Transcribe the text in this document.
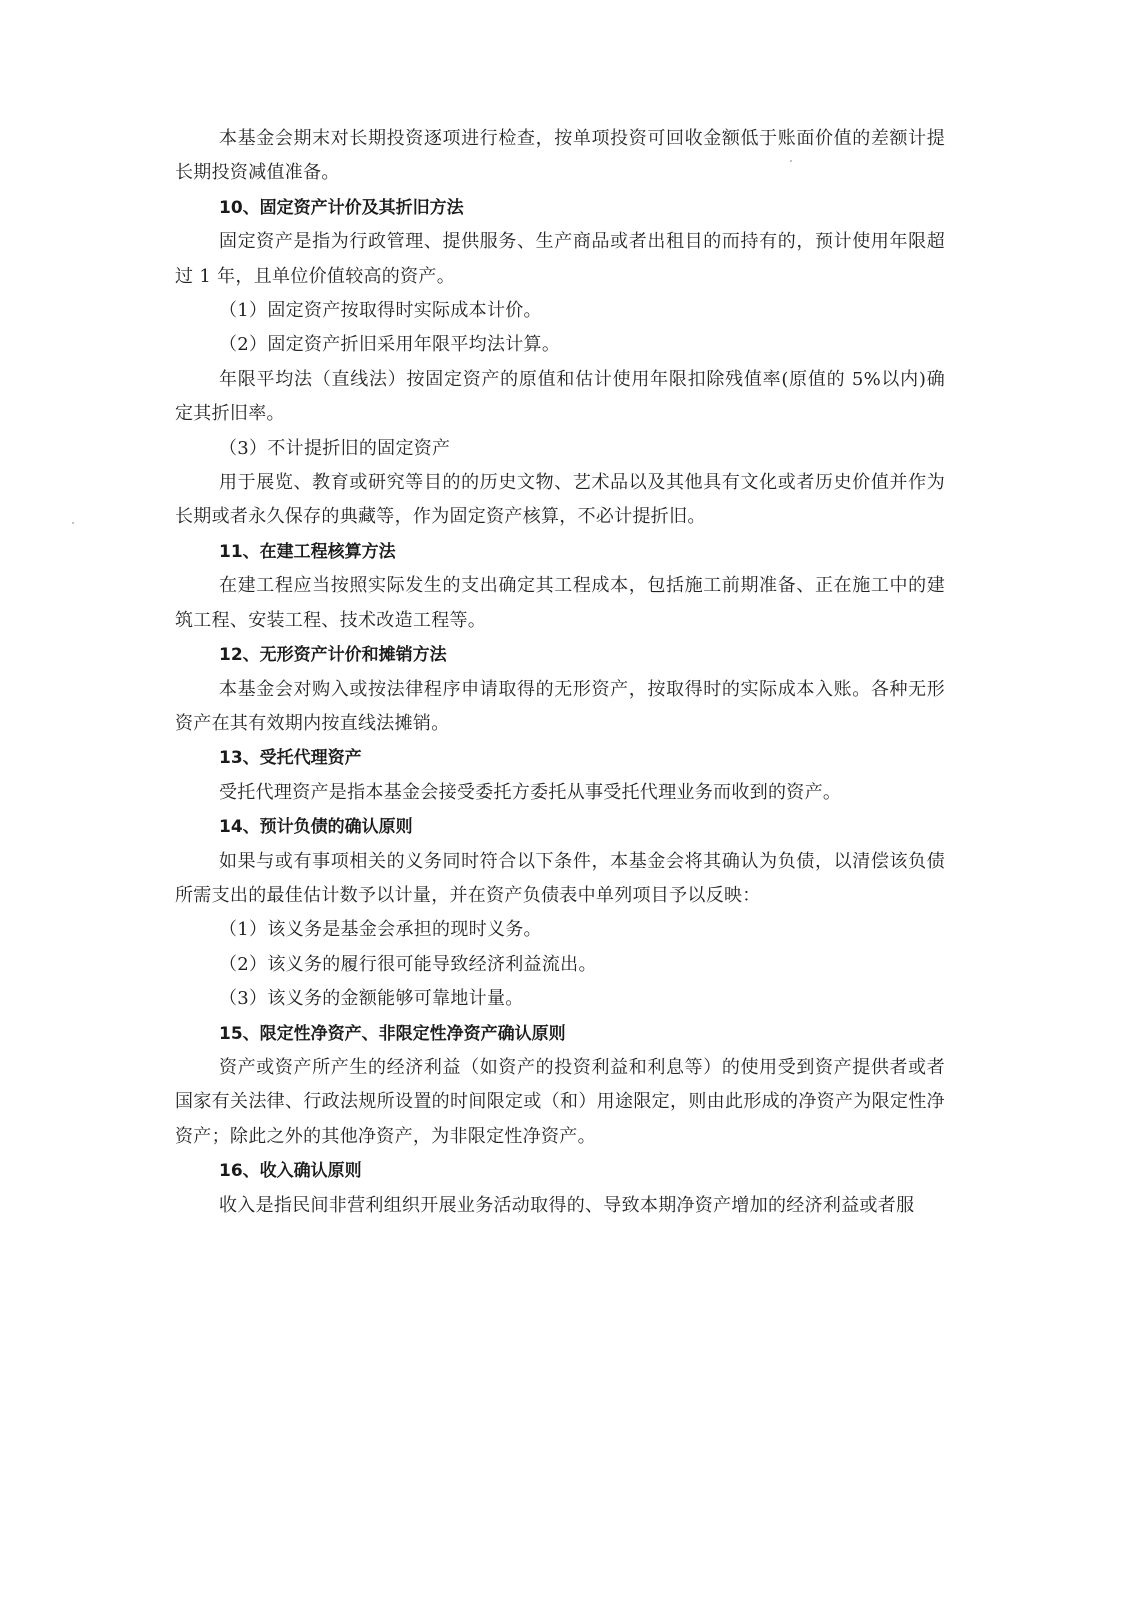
本基金会期末对长期投资逐项进行检查，按单项投资可回收金额低于账面价值的差额计提长期投资减值准备。

10、固定资产计价及其折旧方法

固定资产是指为行政管理、提供服务、生产商品或者出租目的而持有的，预计使用年限超过 1 年，且单位价值较高的资产。

（1）固定资产按取得时实际成本计价。

（2）固定资产折旧采用年限平均法计算。

年限平均法（直线法）按固定资产的原值和估计使用年限扣除残值率(原值的 5%以内)确定其折旧率。

（3）不计提折旧的固定资产

用于展览、教育或研究等目的的历史文物、艺术品以及其他具有文化或者历史价值并作为长期或者永久保存的典藏等，作为固定资产核算，不必计提折旧。

11、在建工程核算方法

在建工程应当按照实际发生的支出确定其工程成本，包括施工前期准备、正在施工中的建筑工程、安装工程、技术改造工程等。

12、无形资产计价和摊销方法

本基金会对购入或按法律程序申请取得的无形资产，按取得时的实际成本入账。各种无形资产在其有效期内按直线法摊销。

13、受托代理资产

受托代理资产是指本基金会接受委托方委托从事受托代理业务而收到的资产。

14、预计负债的确认原则

如果与或有事项相关的义务同时符合以下条件，本基金会将其确认为负债，以清偿该负债所需支出的最佳估计数予以计量，并在资产负债表中单列项目予以反映：

（1）该义务是基金会承担的现时义务。

（2）该义务的履行很可能导致经济利益流出。

（3）该义务的金额能够可靠地计量。

15、限定性净资产、非限定性净资产确认原则

资产或资产所产生的经济利益（如资产的投资利益和利息等）的使用受到资产提供者或者国家有关法律、行政法规所设置的时间限定或（和）用途限定，则由此形成的净资产为限定性净资产；除此之外的其他净资产，为非限定性净资产。

16、收入确认原则

收入是指民间非营利组织开展业务活动取得的、导致本期净资产增加的经济利益或者服
